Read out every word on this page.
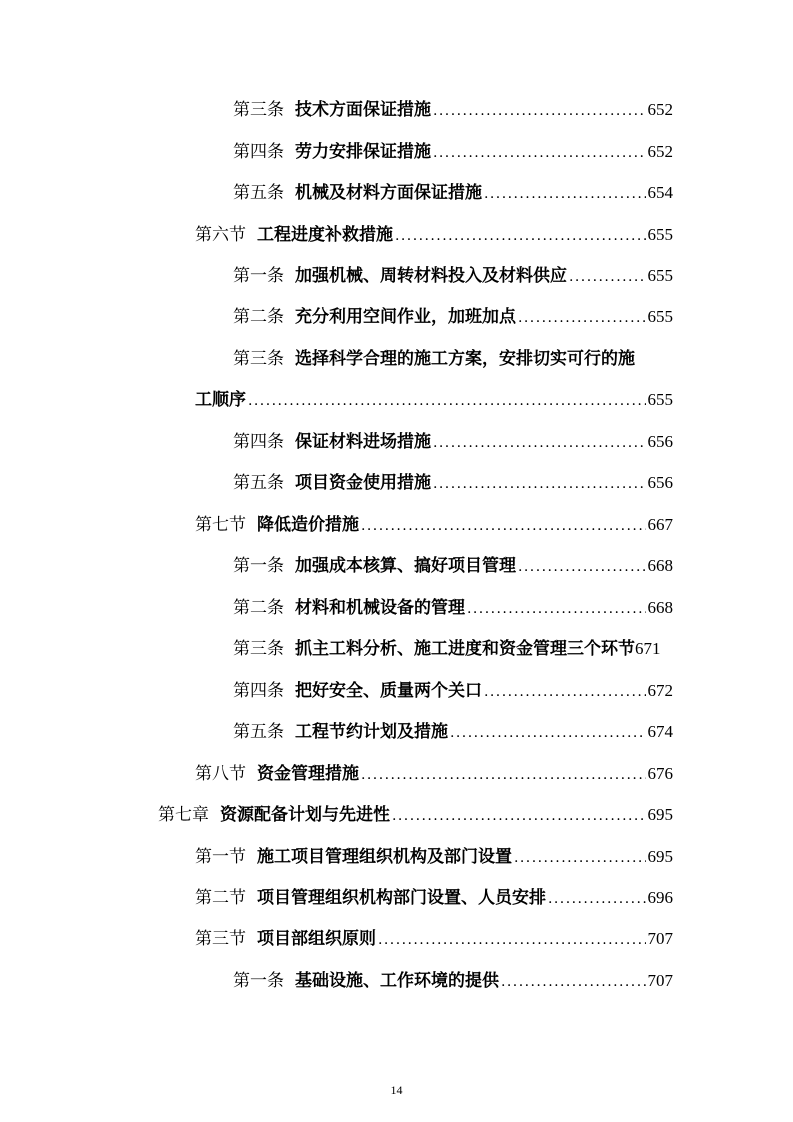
第三条 技术方面保证措施 . . .	652
第四条 劳力安排保证措施 . . .	652
第五条 机械及材料方面保证措施 . . .	654
第六节 工程进度补救措施 . . .	655
第一条 加强机械、周转材料投入及材料供应 . . .	655
第二条 充分利用空间作业，加班加点 . . .	655
第三条 选择科学合理的施工方案，安排切实可行的施
工顺序 . . .	655
第四条 保证材料进场措施 . . .	656
第五条 项目资金使用措施 . . .	656
第七节 降低造价措施 . . .	667
第一条 加强成本核算、搞好项目管理 . . .	668
第二条 材料和机械设备的管理 . . .	668
第三条 抓主工料分析、施工进度和资金管理三个环节 671
第四条 把好安全、质量两个关口 . . .	672
第五条 工程节约计划及措施 . . .	674
第八节 资金管理措施 . . .	676
第七章 资源配备计划与先进性 . . .	695
第一节 施工项目管理组织机构及部门设置 . . .	695
第二节 项目管理组织机构部门设置、人员安排 . . .	696
第三节 项目部组织原则 . . .	707
第一条 基础设施、工作环境的提供 . . .	707
14
